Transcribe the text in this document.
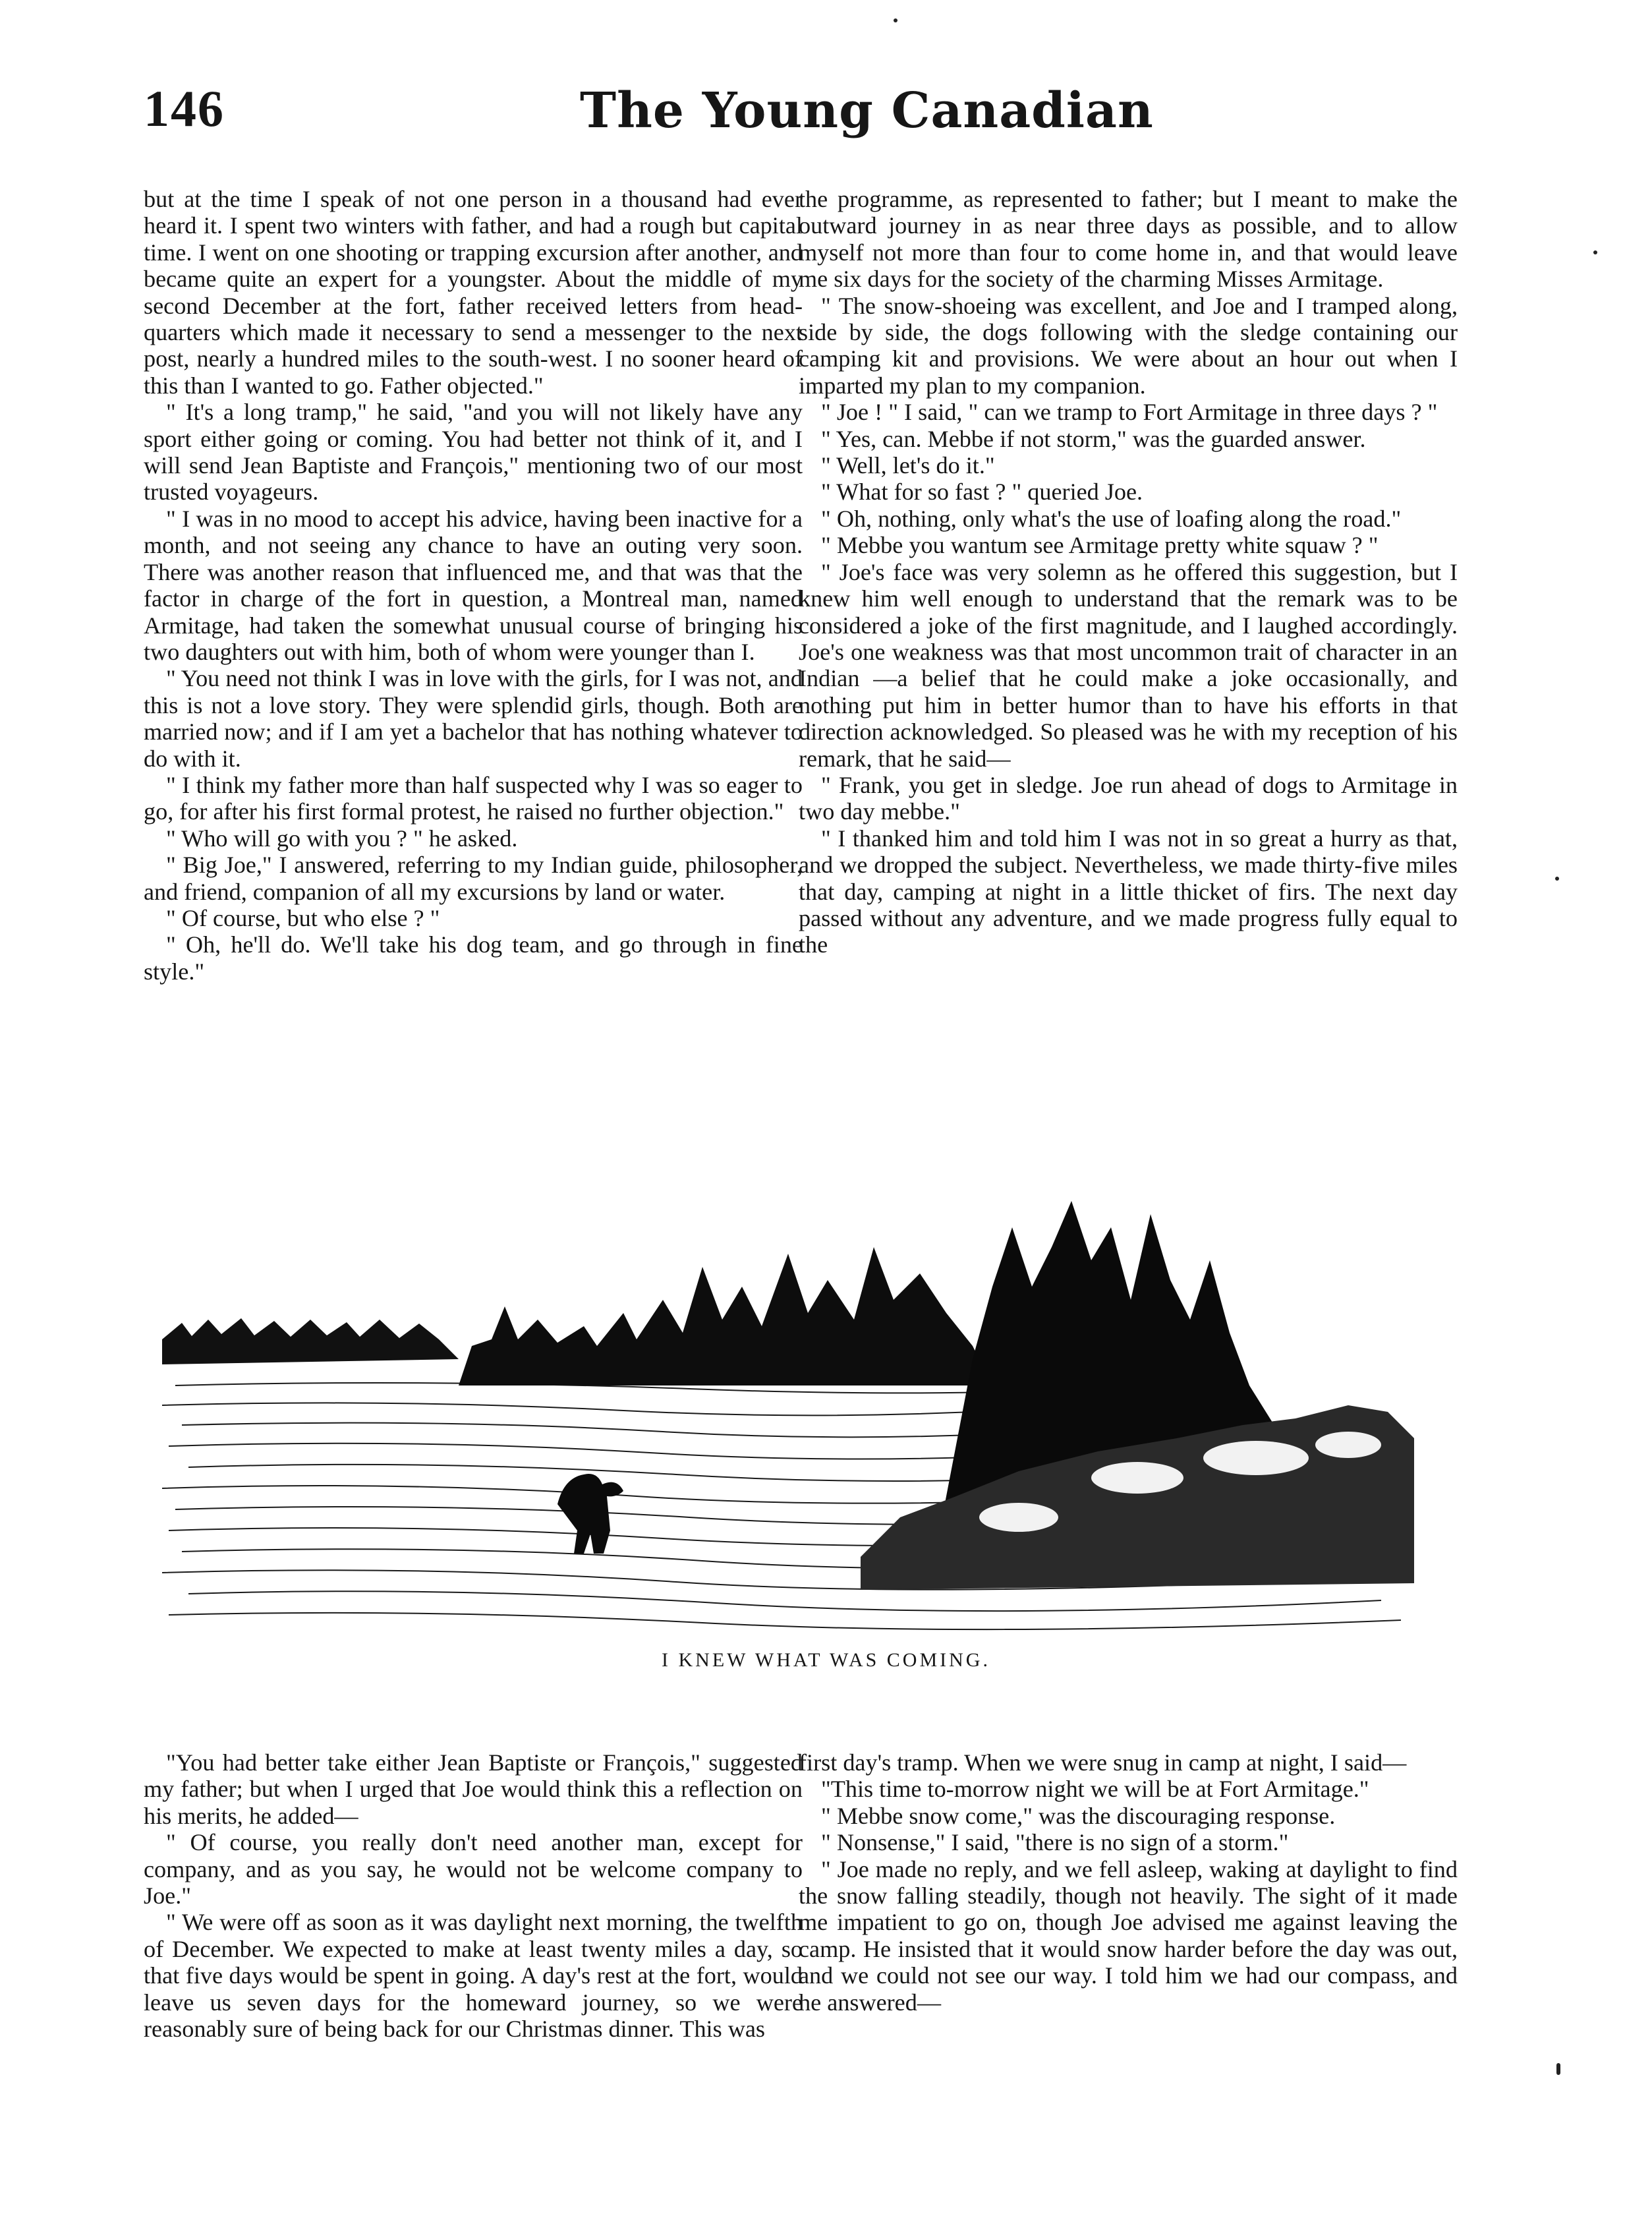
146	The Young Canadian

but at the time I speak of not one person in a thousand had ever heard it. I spent two winters with father, and had a rough but capital time. I went on one shooting or trapping excursion after another, and became quite an expert for a youngster. About the middle of my second December at the fort, father received letters from head-quarters which made it necessary to send a messenger to the next post, nearly a hundred miles to the south-west. I no sooner heard of this than I wanted to go. Father objected."

" It's a long tramp," he said, "and you will not likely have any sport either going or coming. You had better not think of it, and I will send Jean Baptiste and François," mentioning two of our most trusted voyageurs.

" I was in no mood to accept his advice, having been inactive for a month, and not seeing any chance to have an outing very soon. There was another reason that influenced me, and that was that the factor in charge of the fort in question, a Montreal man, named Armitage, had taken the somewhat unusual course of bringing his two daughters out with him, both of whom were younger than I.

" You need not think I was in love with the girls, for I was not, and this is not a love story. They were splendid girls, though. Both are married now; and if I am yet a bachelor that has nothing whatever to do with it.

" I think my father more than half suspected why I was so eager to go, for after his first formal protest, he raised no further objection."

" Who will go with you ? " he asked.

" Big Joe," I answered, referring to my Indian guide, philosopher, and friend, companion of all my excursions by land or water.

" Of course, but who else ? "

" Oh, he'll do. We'll take his dog team, and go through in fine style."

the programme, as represented to father; but I meant to make the outward journey in as near three days as possible, and to allow myself not more than four to come home in, and that would leave me six days for the society of the charming Misses Armitage.

" The snow-shoeing was excellent, and Joe and I tramped along, side by side, the dogs following with the sledge containing our camping kit and provisions. We were about an hour out when I imparted my plan to my companion.

" Joe ! " I said, " can we tramp to Fort Armitage in three days ? "

" Yes, can. Mebbe if not storm," was the guarded answer.

" Well, let's do it."

" What for so fast ? " queried Joe.

" Oh, nothing, only what's the use of loafing along the road."

" Mebbe you wantum see Armitage pretty white squaw ? "

" Joe's face was very solemn as he offered this suggestion, but I knew him well enough to understand that the remark was to be considered a joke of the first magnitude, and I laughed accordingly. Joe's one weakness was that most uncommon trait of character in an Indian —a belief that he could make a joke occasionally, and nothing put him in better humor than to have his efforts in that direction acknowledged. So pleased was he with my reception of his remark, that he said—

" Frank, you get in sledge. Joe run ahead of dogs to Armitage in two day mebbe."

" I thanked him and told him I was not in so great a hurry as that, and we dropped the subject. Nevertheless, we made thirty-five miles that day, camping at night in a little thicket of firs. The next day passed without any adventure, and we made progress fully equal to the

I KNEW WHAT WAS COMING.

"You had better take either Jean Baptiste or François," suggested my father; but when I urged that Joe would think this a reflection on his merits, he added—

" Of course, you really don't need another man, except for company, and as you say, he would not be welcome company to Joe."

" We were off as soon as it was daylight next morning, the twelfth of December. We expected to make at least twenty miles a day, so that five days would be spent in going. A day's rest at the fort, would leave us seven days for the homeward journey, so we were reasonably sure of being back for our Christmas dinner. This was

first day's tramp. When we were snug in camp at night, I said—

"This time to-morrow night we will be at Fort Armitage."

" Mebbe snow come," was the discouraging response.

" Nonsense," I said, "there is no sign of a storm."

" Joe made no reply, and we fell asleep, waking at daylight to find the snow falling steadily, though not heavily. The sight of it made me impatient to go on, though Joe advised me against leaving the camp. He insisted that it would snow harder before the day was out, and we could not see our way. I told him we had our compass, and he answered—
